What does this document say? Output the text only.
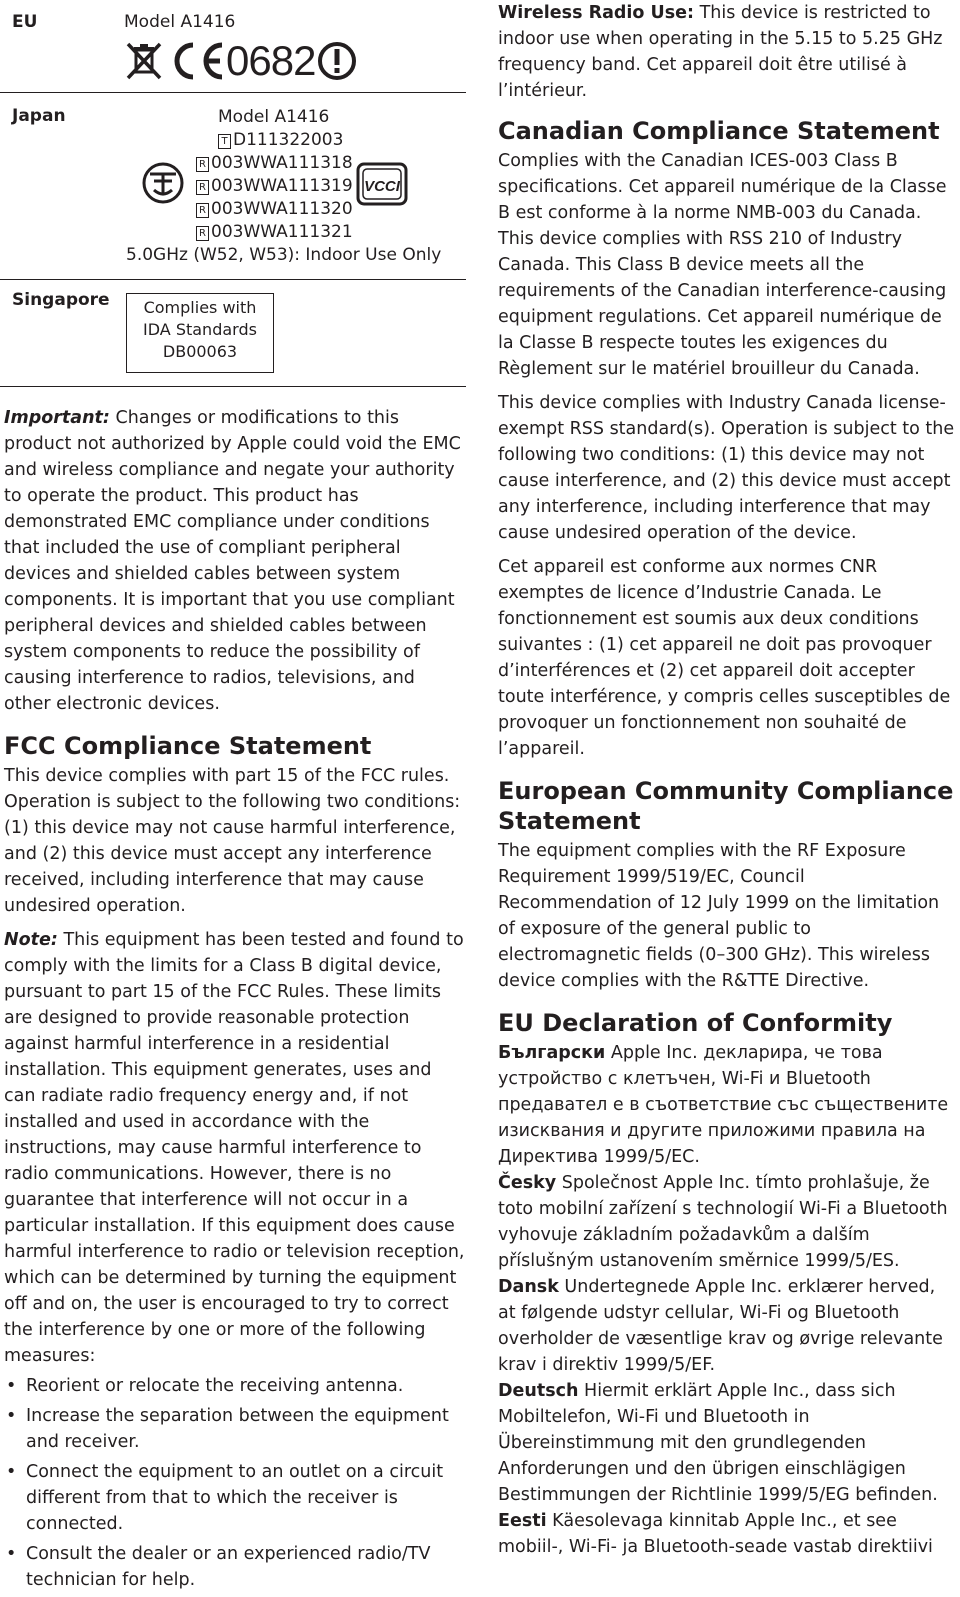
EU	Model A1416
0682
Japan	Model A1416
T D111322003
R 003WWA111318
R 003WWA111319
R 003WWA111320
R 003WWA111321
VCCI
5.0GHz (W52, W53): Indoor Use Only
Singapore	Complies with
IDA Standards
DB00063

Important: Changes or modifications to this product not authorized by Apple could void the EMC and wireless compliance and negate your authority to operate the product. This product has demonstrated EMC compliance under conditions that included the use of compliant peripheral devices and shielded cables between system components. It is important that you use compliant peripheral devices and shielded cables between system components to reduce the possibility of causing interference to radios, televisions, and other electronic devices.

FCC Compliance Statement

This device complies with part 15 of the FCC rules. Operation is subject to the following two conditions: (1) this device may not cause harmful interference, and (2) this device must accept any interference received, including interference that may cause undesired operation.

Note: This equipment has been tested and found to comply with the limits for a Class B digital device, pursuant to part 15 of the FCC Rules. These limits are designed to provide reasonable protection against harmful interference in a residential installation. This equipment generates, uses and can radiate radio frequency energy and, if not installed and used in accordance with the instructions, may cause harmful interference to radio communications. However, there is no guarantee that interference will not occur in a particular installation. If this equipment does cause harmful interference to radio or television reception, which can be determined by turning the equipment off and on, the user is encouraged to try to correct the interference by one or more of the following measures:

• Reorient or relocate the receiving antenna.
• Increase the separation between the equipment and receiver.
• Connect the equipment to an outlet on a circuit different from that to which the receiver is connected.
• Consult the dealer or an experienced radio/TV technician for help.

Wireless Radio Use: This device is restricted to indoor use when operating in the 5.15 to 5.25 GHz frequency band. Cet appareil doit être utilisé à l’intérieur.

Canadian Compliance Statement

Complies with the Canadian ICES-003 Class B specifications. Cet appareil numérique de la Classe B est conforme à la norme NMB-003 du Canada. This device complies with RSS 210 of Industry Canada. This Class B device meets all the requirements of the Canadian interference-causing equipment regulations. Cet appareil numérique de la Classe B respecte toutes les exigences du Règlement sur le matériel brouilleur du Canada.

This device complies with Industry Canada license-exempt RSS standard(s). Operation is subject to the following two conditions: (1) this device may not cause interference, and (2) this device must accept any interference, including interference that may cause undesired operation of the device.

Cet appareil est conforme aux normes CNR exemptes de licence d’Industrie Canada. Le fonctionnement est soumis aux deux conditions suivantes : (1) cet appareil ne doit pas provoquer d’interférences et (2) cet appareil doit accepter toute interférence, y compris celles susceptibles de provoquer un fonctionnement non souhaité de l’appareil.

European Community Compliance Statement

The equipment complies with the RF Exposure Requirement 1999/519/EC, Council Recommendation of 12 July 1999 on the limitation of exposure of the general public to electromagnetic fields (0–300 GHz). This wireless device complies with the R&TTE Directive.

EU Declaration of Conformity

Български Apple Inc. декларира, че това устройство с клетъчен, Wi-Fi и Bluetooth предавател е в съответствие със съществените изисквания и другите приложими правила на Директива 1999/5/ЕС.

Česky Společnost Apple Inc. tímto prohlašuje, že toto mobilní zařízení s technologií Wi-Fi a Bluetooth vyhovuje základním požadavkům a dalším příslušným ustanovením směrnice 1999/5/ES.

Dansk Undertegnede Apple Inc. erklærer herved, at følgende udstyr cellular, Wi-Fi og Bluetooth overholder de væsentlige krav og øvrige relevante krav i direktiv 1999/5/EF.

Deutsch Hiermit erklärt Apple Inc., dass sich Mobiltelefon, Wi-Fi und Bluetooth in Übereinstimmung mit den grundlegenden Anforderungen und den übrigen einschlägigen Bestimmungen der Richtlinie 1999/5/EG befinden.

Eesti Käesolevaga kinnitab Apple Inc., et see mobiil-, Wi-Fi- ja Bluetooth-seade vastab direktiivi
